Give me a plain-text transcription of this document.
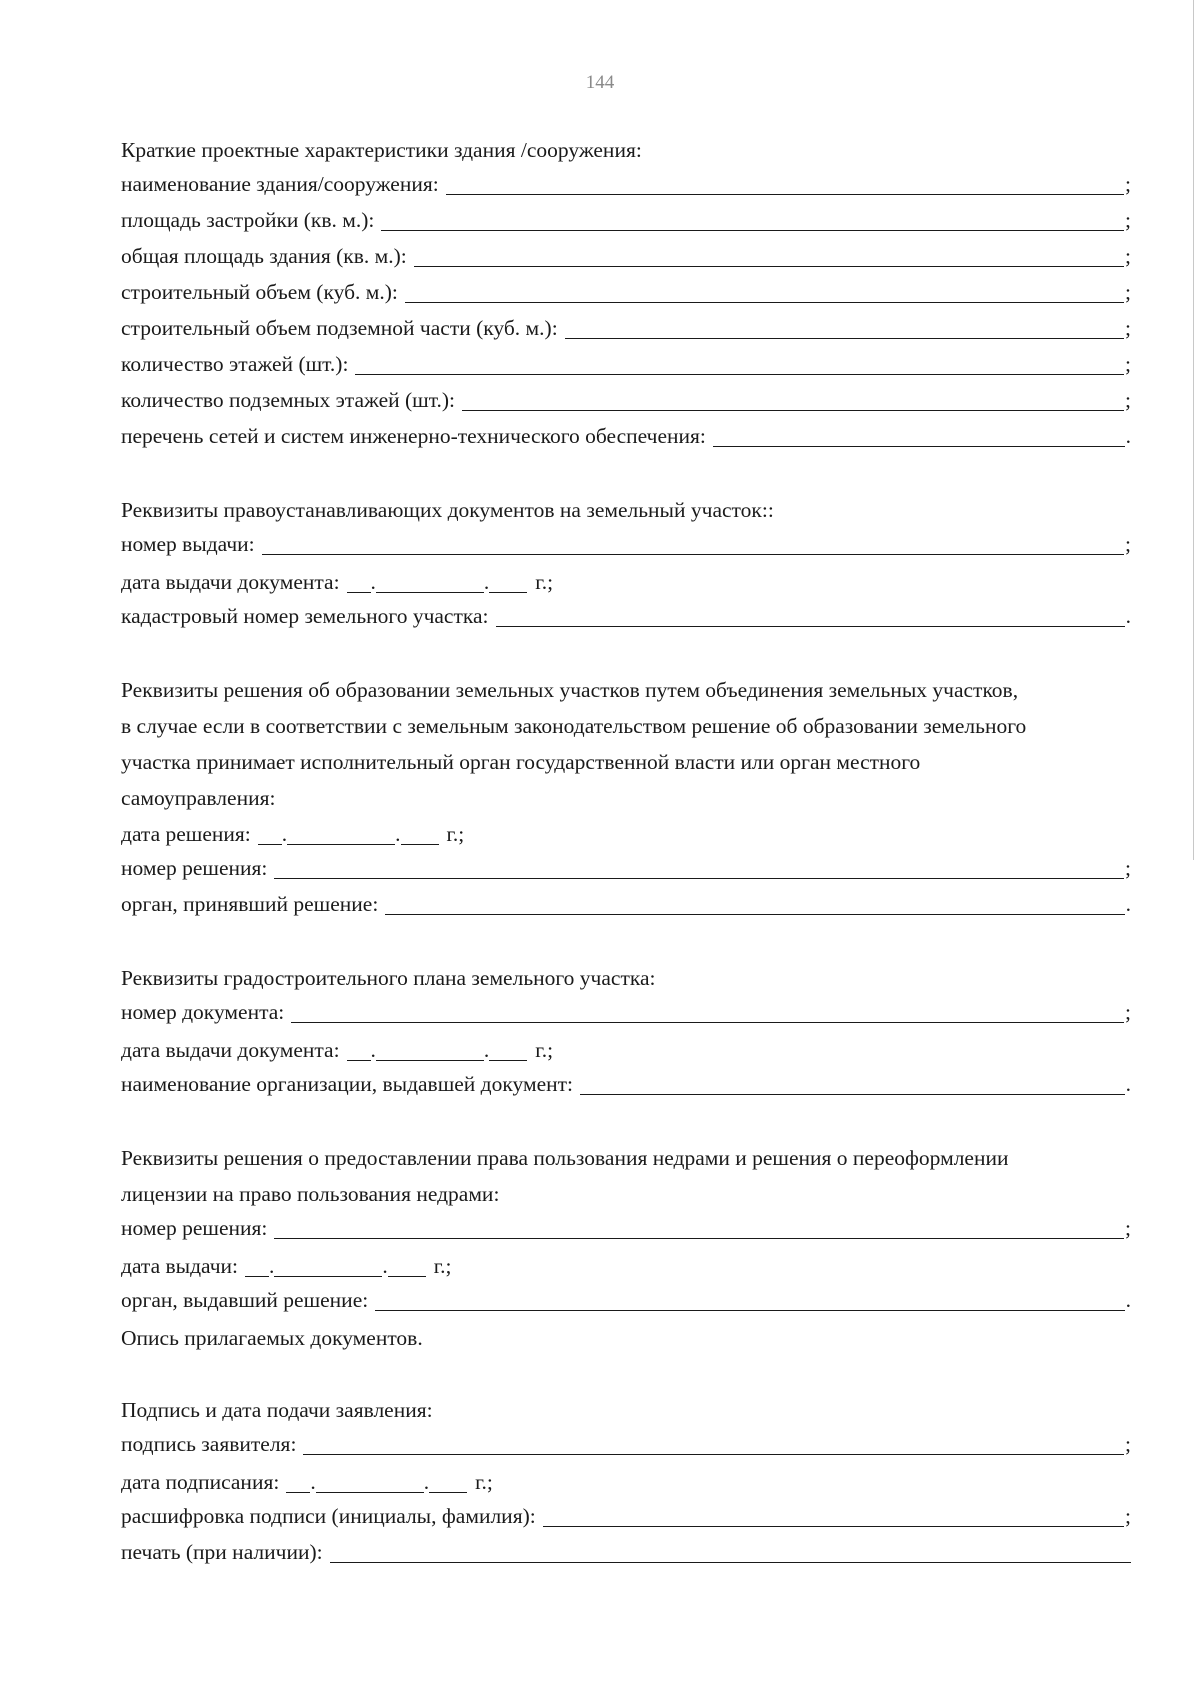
144
Краткие проектные характеристики здания /сооружения:
наименование здания/сооружения:	;
площадь застройки (кв. м.):	;
общая площадь здания (кв. м.):	;
строительный объем (куб. м.):	;
строительный объем подземной части (куб. м.):	;
количество этажей (шт.):	;
количество подземных этажей (шт.):	;
перечень сетей и систем инженерно-технического обеспечения:	.
Реквизиты правоустанавливающих документов на земельный участок::
номер выдачи:	;
дата выдачи документа: .	. г.;
кадастровый номер земельного участка:	.
Реквизиты решения об образовании земельных участков путем объединения земельных участков,
в случае если в соответствии с земельным законодательством решение об образовании земельного
участка принимает исполнительный орган государственной власти или орган местного
самоуправления:
дата решения: .	. г.;
номер решения:	;
орган, принявший решение:	.
Реквизиты градостроительного плана земельного участка:
номер документа:	;
дата выдачи документа: .	. г.;
наименование организации, выдавшей документ:	.
Реквизиты решения о предоставлении права пользования недрами и решения о переоформлении
лицензии на право пользования недрами:
номер решения:	;
дата выдачи: .	. г.;
орган, выдавший решение:	.
Опись прилагаемых документов.
Подпись и дата подачи заявления:
подпись заявителя:	;
дата подписания: .	. г.;
расшифровка подписи (инициалы, фамилия):	;
печать (при наличии):
